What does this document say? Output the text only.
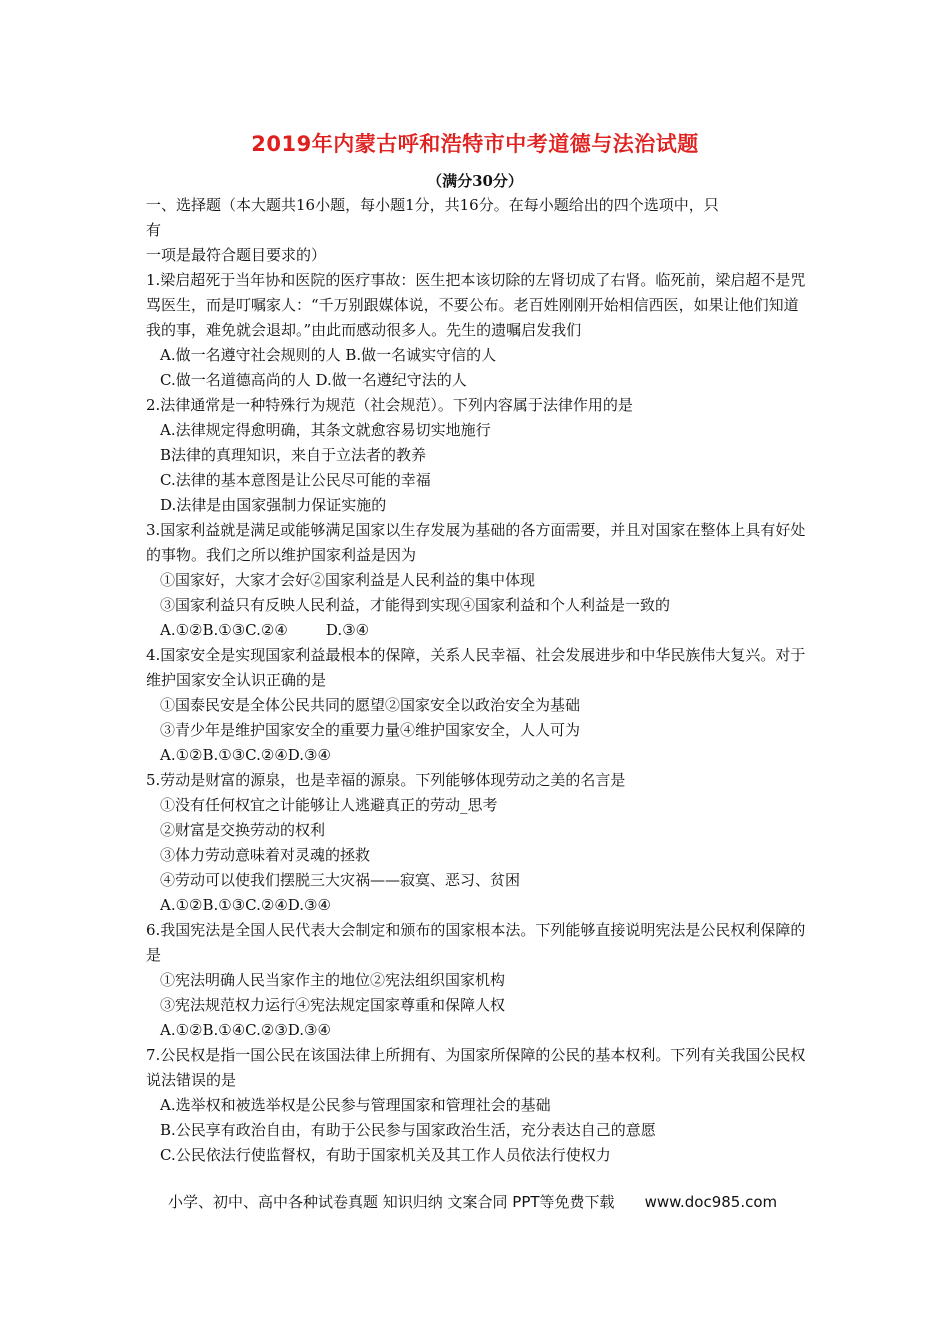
2019年内蒙古呼和浩特市中考道德与法治试题
（满分30分）
一、选择题（本大题共16小题，每小题1分，共16分。在每小题给出的四个选项中，只
有
一项是最符合题目要求的）
1.梁启超死于当年协和医院的医疗事故：医生把本该切除的左肾切成了右肾。临死前，梁启超不是咒骂医生，而是叮嘱家人：“千万别跟媒体说，不要公布。老百姓刚刚开始相信西医，如果让他们知道我的事，难免就会退却。”由此而感动很多人。先生的遗嘱启发我们
A.做一名遵守社会规则的人 B.做一名诚实守信的人
C.做一名道德高尚的人 D.做一名遵纪守法的人
2.法律通常是一种特殊行为规范（社会规范）。下列内容属于法律作用的是
A.法律规定得愈明确，其条文就愈容易切实地施行
B法律的真理知识，来自于立法者的教养
C.法律的基本意图是让公民尽可能的幸福
D.法律是由国家强制力保证实施的
3.国家利益就是满足或能够满足国家以生存发展为基础的各方面需要，并且对国家在整体上具有好处的事物。我们之所以维护国家利益是因为
①国家好，大家才会好②国家利益是人民利益的集中体现
③国家利益只有反映人民利益，才能得到实现④国家利益和个人利益是一致的
A.①②B.①③C.②④        D.③④
4.国家安全是实现国家利益最根本的保障，关系人民幸福、社会发展进步和中华民族伟大复兴。对于维护国家安全认识正确的是
①国泰民安是全体公民共同的愿望②国家安全以政治安全为基础
③青少年是维护国家安全的重要力量④维护国家安全，人人可为
A.①②B.①③C.②④D.③④
5.劳动是财富的源泉，也是幸福的源泉。下列能够体现劳动之美的名言是
①没有任何权宜之计能够让人逃避真正的劳动_思考
②财富是交换劳动的权利
③体力劳动意味着对灵魂的拯救
④劳动可以使我们摆脱三大灾祸——寂寞、恶习、贫困
A.①②B.①③C.②④D.③④
6.我国宪法是全国人民代表大会制定和颁布的国家根本法。下列能够直接说明宪法是公民权利保障的是
①宪法明确人民当家作主的地位②宪法组织国家机构
③宪法规范权力运行④宪法规定国家尊重和保障人权
A.①②B.①④C.②③D.③④
7.公民权是指一国公民在该国法律上所拥有、为国家所保障的公民的基本权利。下列有关我国公民权说法错误的是
A.选举权和被选举权是公民参与管理国家和管理社会的基础
B.公民享有政治自由，有助于公民参与国家政治生活，充分表达自己的意愿
C.公民依法行使监督权，有助于国家机关及其工作人员依法行使权力
小学、初中、高中各种试卷真题 知识归纳 文案合同 PPT等免费下载 www.doc985.com
